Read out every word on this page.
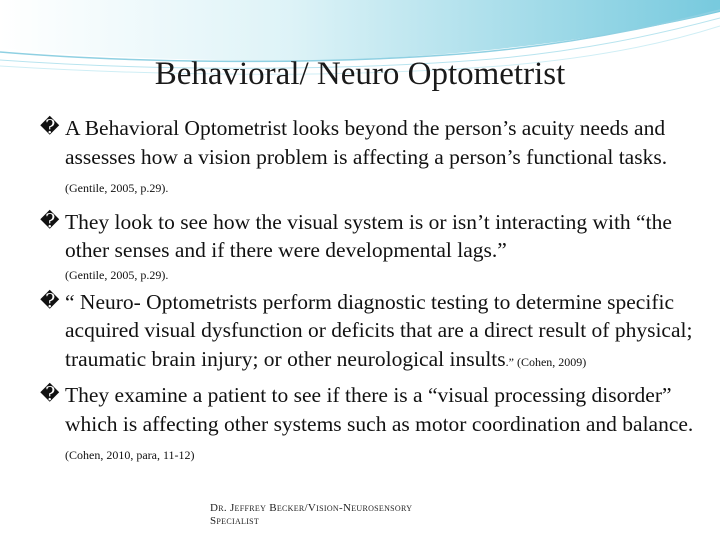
Behavioral/ Neuro Optometrist
� A Behavioral Optometrist looks beyond the person’s acuity needs and assesses how a vision problem is affecting a person’s functional tasks. (Gentile, 2005, p.29).
� They look to see how the visual system is or isn’t interacting with “the other senses and if there were developmental lags.”
(Gentile, 2005, p.29).
� “ Neuro- Optometrists perform diagnostic testing to determine specific acquired visual dysfunction or deficits that are a direct result of physical; traumatic brain injury; or other neurological insults.” (Cohen, 2009)
� They examine a patient to see if there is a “visual processing disorder” which is affecting other systems such as motor coordination and balance. (Cohen, 2010, para, 11-12)
Dr. Jeffrey Becker/Vision-Neurosensory
Specialist
